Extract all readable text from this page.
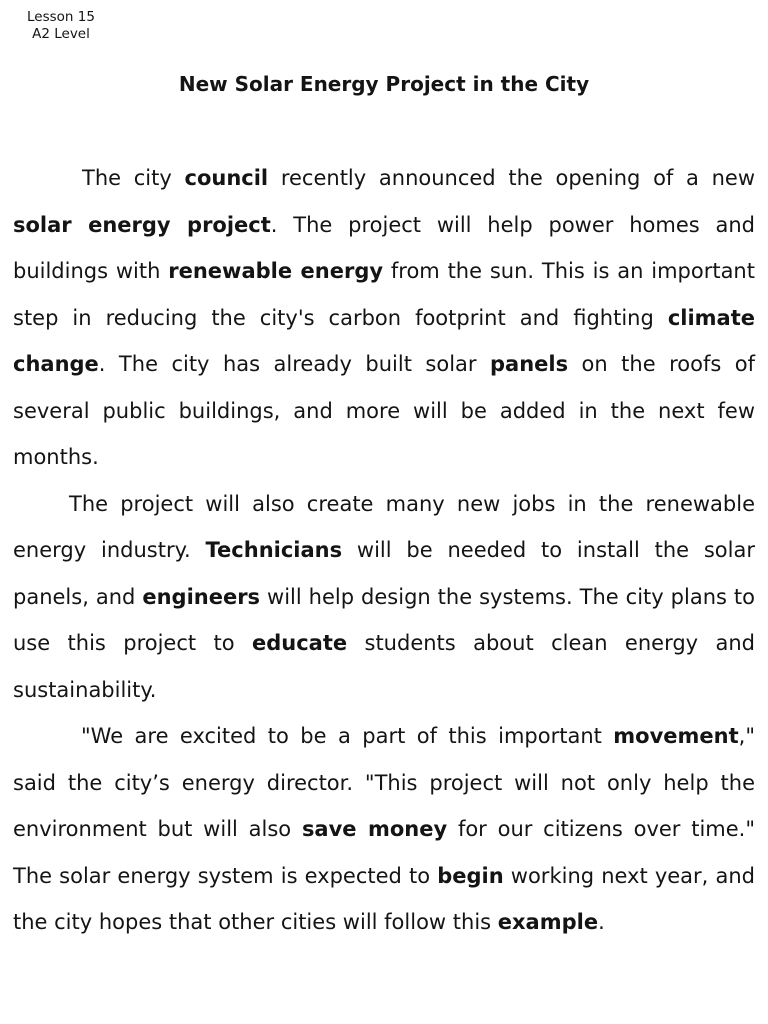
Lesson 15
A2 Level
New Solar Energy Project in the City

The city council recently announced the opening of a new solar energy project. The project will help power homes and buildings with renewable energy from the sun. This is an important step in reducing the city's carbon footprint and fighting climate change. The city has already built solar panels on the roofs of several public buildings, and more will be added in the next few months.

The project will also create many new jobs in the renewable energy industry. Technicians will be needed to install the solar panels, and engineers will help design the systems. The city plans to use this project to educate students about clean energy and sustainability.

"We are excited to be a part of this important movement," said the city’s energy director. "This project will not only help the environment but will also save money for our citizens over time." The solar energy system is expected to begin working next year, and the city hopes that other cities will follow this example.
